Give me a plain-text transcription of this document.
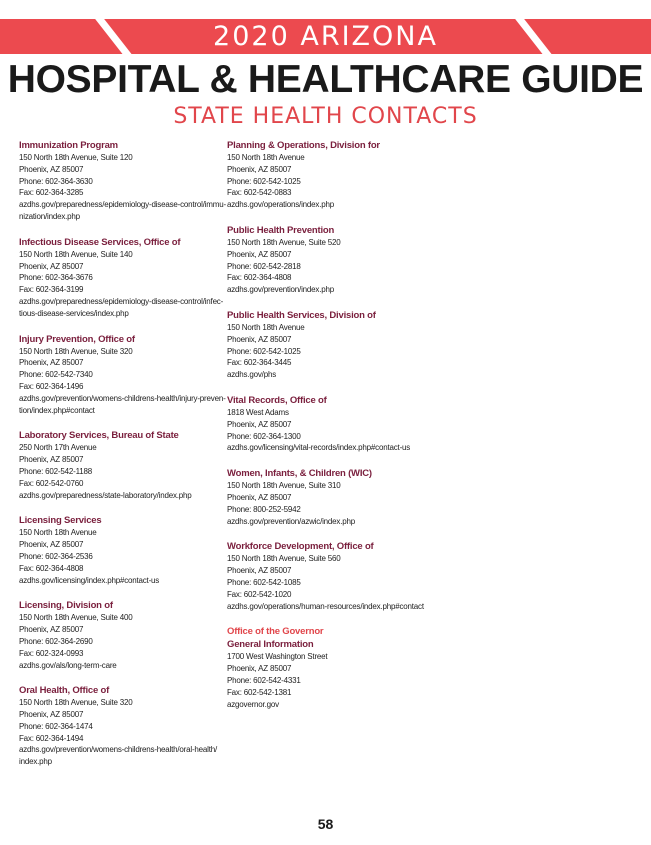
2020 ARIZONA
HOSPITAL & HEALTHCARE GUIDE
STATE HEALTH CONTACTS
Immunization Program
150 North 18th Avenue, Suite 120
Phoenix, AZ 85007
Phone: 602-364-3630
Fax: 602-364-3285
azdhs.gov/preparedness/epidemiology-disease-control/immu-
nization/index.php
Infectious Disease Services, Office of
150 North 18th Avenue, Suite 140
Phoenix, AZ 85007
Phone: 602-364-3676
Fax: 602-364-3199
azdhs.gov/preparedness/epidemiology-disease-control/infec-
tious-disease-services/index.php
Injury Prevention, Office of
150 North 18th Avenue, Suite 320
Phoenix, AZ 85007
Phone: 602-542-7340
Fax: 602-364-1496
azdhs.gov/prevention/womens-childrens-health/injury-preven-
tion/index.php#contact
Laboratory Services, Bureau of State
250 North 17th Avenue
Phoenix, AZ 85007
Phone: 602-542-1188
Fax: 602-542-0760
azdhs.gov/preparedness/state-laboratory/index.php
Licensing Services
150 North 18th Avenue
Phoenix, AZ 85007
Phone: 602-364-2536
Fax: 602-364-4808
azdhs.gov/licensing/index.php#contact-us
Licensing, Division of
150 North 18th Avenue, Suite 400
Phoenix, AZ 85007
Phone: 602-364-2690
Fax: 602-324-0993
azdhs.gov/als/long-term-care
Oral Health, Office of
150 North 18th Avenue, Suite 320
Phoenix, AZ 85007
Phone: 602-364-1474
Fax: 602-364-1494
azdhs.gov/prevention/womens-childrens-health/oral-health/
index.php
Planning & Operations, Division for
150 North 18th Avenue
Phoenix, AZ 85007
Phone: 602-542-1025
Fax: 602-542-0883
azdhs.gov/operations/index.php
Public Health Prevention
150 North 18th Avenue, Suite 520
Phoenix, AZ 85007
Phone: 602-542-2818
Fax: 602-364-4808
azdhs.gov/prevention/index.php
Public Health Services, Division of
150 North 18th Avenue
Phoenix, AZ 85007
Phone: 602-542-1025
Fax: 602-364-3445
azdhs.gov/phs
Vital Records, Office of
1818 West Adams
Phoenix, AZ 85007
Phone: 602-364-1300
azdhs.gov/licensing/vital-records/index.php#contact-us
Women, Infants, & Children (WIC)
150 North 18th Avenue, Suite 310
Phoenix, AZ 85007
Phone: 800-252-5942
azdhs.gov/prevention/azwic/index.php
Workforce Development, Office of
150 North 18th Avenue, Suite 560
Phoenix, AZ 85007
Phone: 602-542-1085
Fax: 602-542-1020
azdhs.gov/operations/human-resources/index.php#contact
Office of the Governor
General Information
1700 West Washington Street
Phoenix, AZ 85007
Phone: 602-542-4331
Fax: 602-542-1381
azgovernor.gov
58
